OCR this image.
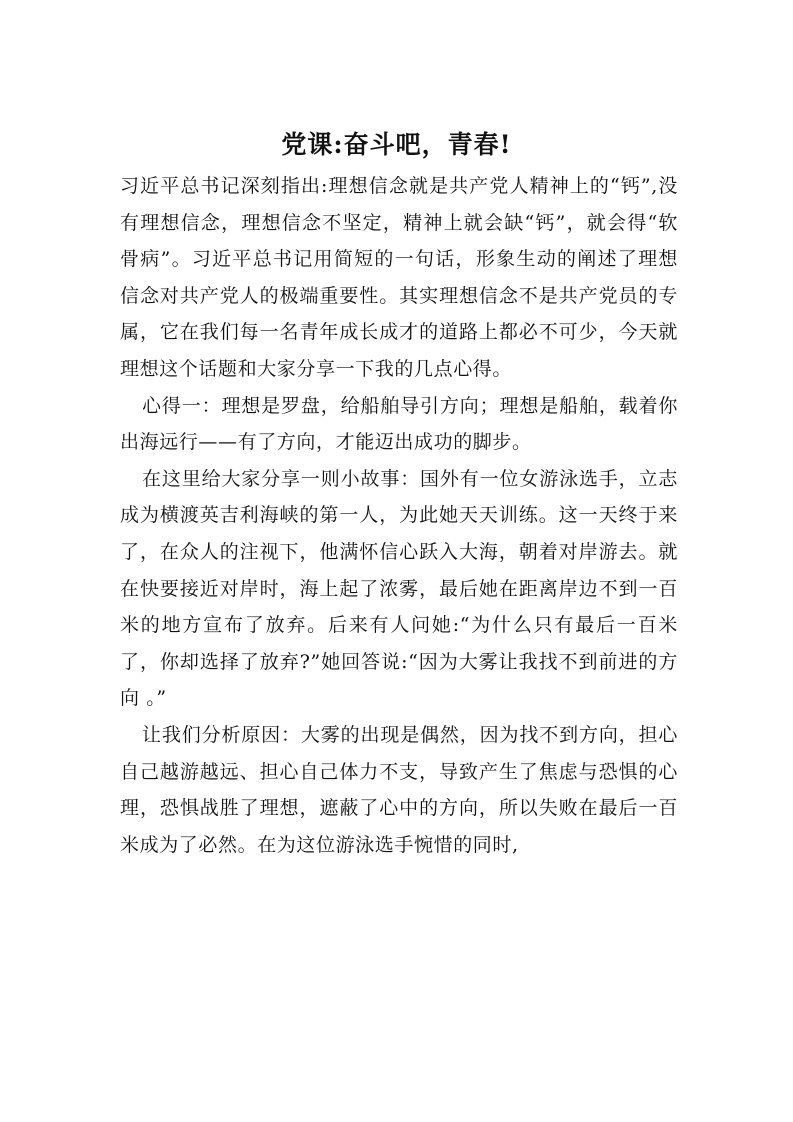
党课:奋斗吧，青春!

习近平总书记深刻指出:理想信念就是共产党人精神上的“钙”,没有理想信念，理想信念不坚定，精神上就会缺“钙”，就会得“软骨病”。习近平总书记用简短的一句话，形象生动的阐述了理想信念对共产党人的极端重要性。其实理想信念不是共产党员的专属，它在我们每一名青年成长成才的道路上都必不可少，今天就理想这个话题和大家分享一下我的几点心得。

心得一：理想是罗盘，给船舶导引方向；理想是船舶，载着你出海远行——有了方向，才能迈出成功的脚步。

在这里给大家分享一则小故事：国外有一位女游泳选手，立志成为横渡英吉利海峡的第一人，为此她天天训练。这一天终于来了，在众人的注视下，他满怀信心跃入大海，朝着对岸游去。就在快要接近对岸时，海上起了浓雾，最后她在距离岸边不到一百米的地方宣布了放弃。后来有人问她:“为什么只有最后一百米了，你却选择了放弃?”她回答说:“因为大雾让我找不到前进的方向 。”

让我们分析原因：大雾的出现是偶然，因为找不到方向，担心自己越游越远、担心自己体力不支，导致产生了焦虑与恐惧的心理，恐惧战胜了理想，遮蔽了心中的方向，所以失败在最后一百米成为了必然。在为这位游泳选手惋惜的同时,
